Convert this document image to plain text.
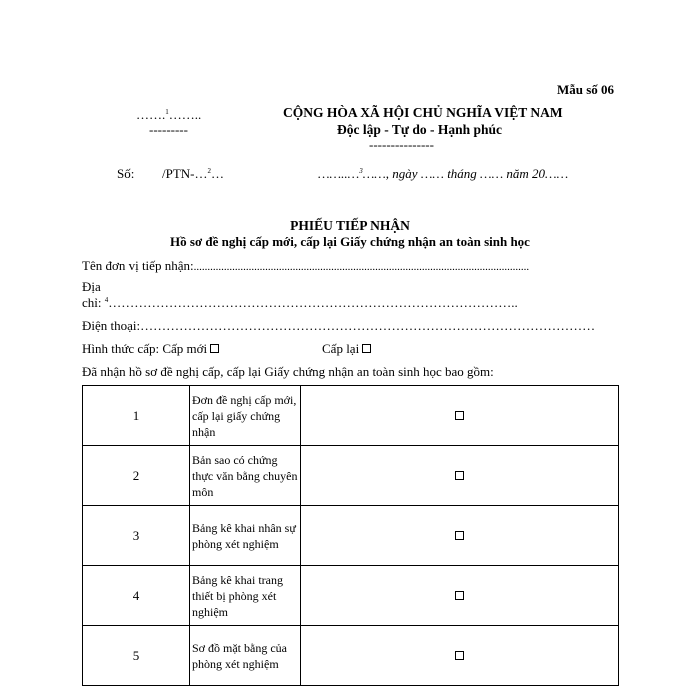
Mẫu số 06
…….$^1$……..
---------
CỘNG HÒA XÃ HỘI CHỦ NGHĨA VIỆT NAM
Độc lập - Tự do - Hạnh phúc
---------------
Số: /PTN-…$^2$…	……..…$^3$……, ngày …… tháng …… năm 20……
PHIẾU TIẾP NHẬN
Hồ sơ đề nghị cấp mới, cấp lại Giấy chứng nhận an toàn sinh học
Tên đơn vị tiếp nhận:..........................................................................................................................
Địa
chỉ: $^4$…………………………………………………………………………………..
Điện thoại:……………………………………………………………………………………………
Hình thức cấp: Cấp mới	Cấp lại
Đã nhận hồ sơ đề nghị cấp, cấp lại Giấy chứng nhận an toàn sinh học bao gồm:
1	Đơn đề nghị cấp mới, cấp lại giấy chứng nhận	
2	Bản sao có chứng thực văn bằng chuyên môn	
3	Bảng kê khai nhân sự phòng xét nghiệm	
4	Bảng kê khai trang thiết bị phòng xét nghiệm	
5	Sơ đồ mặt bằng của phòng xét nghiệm	
